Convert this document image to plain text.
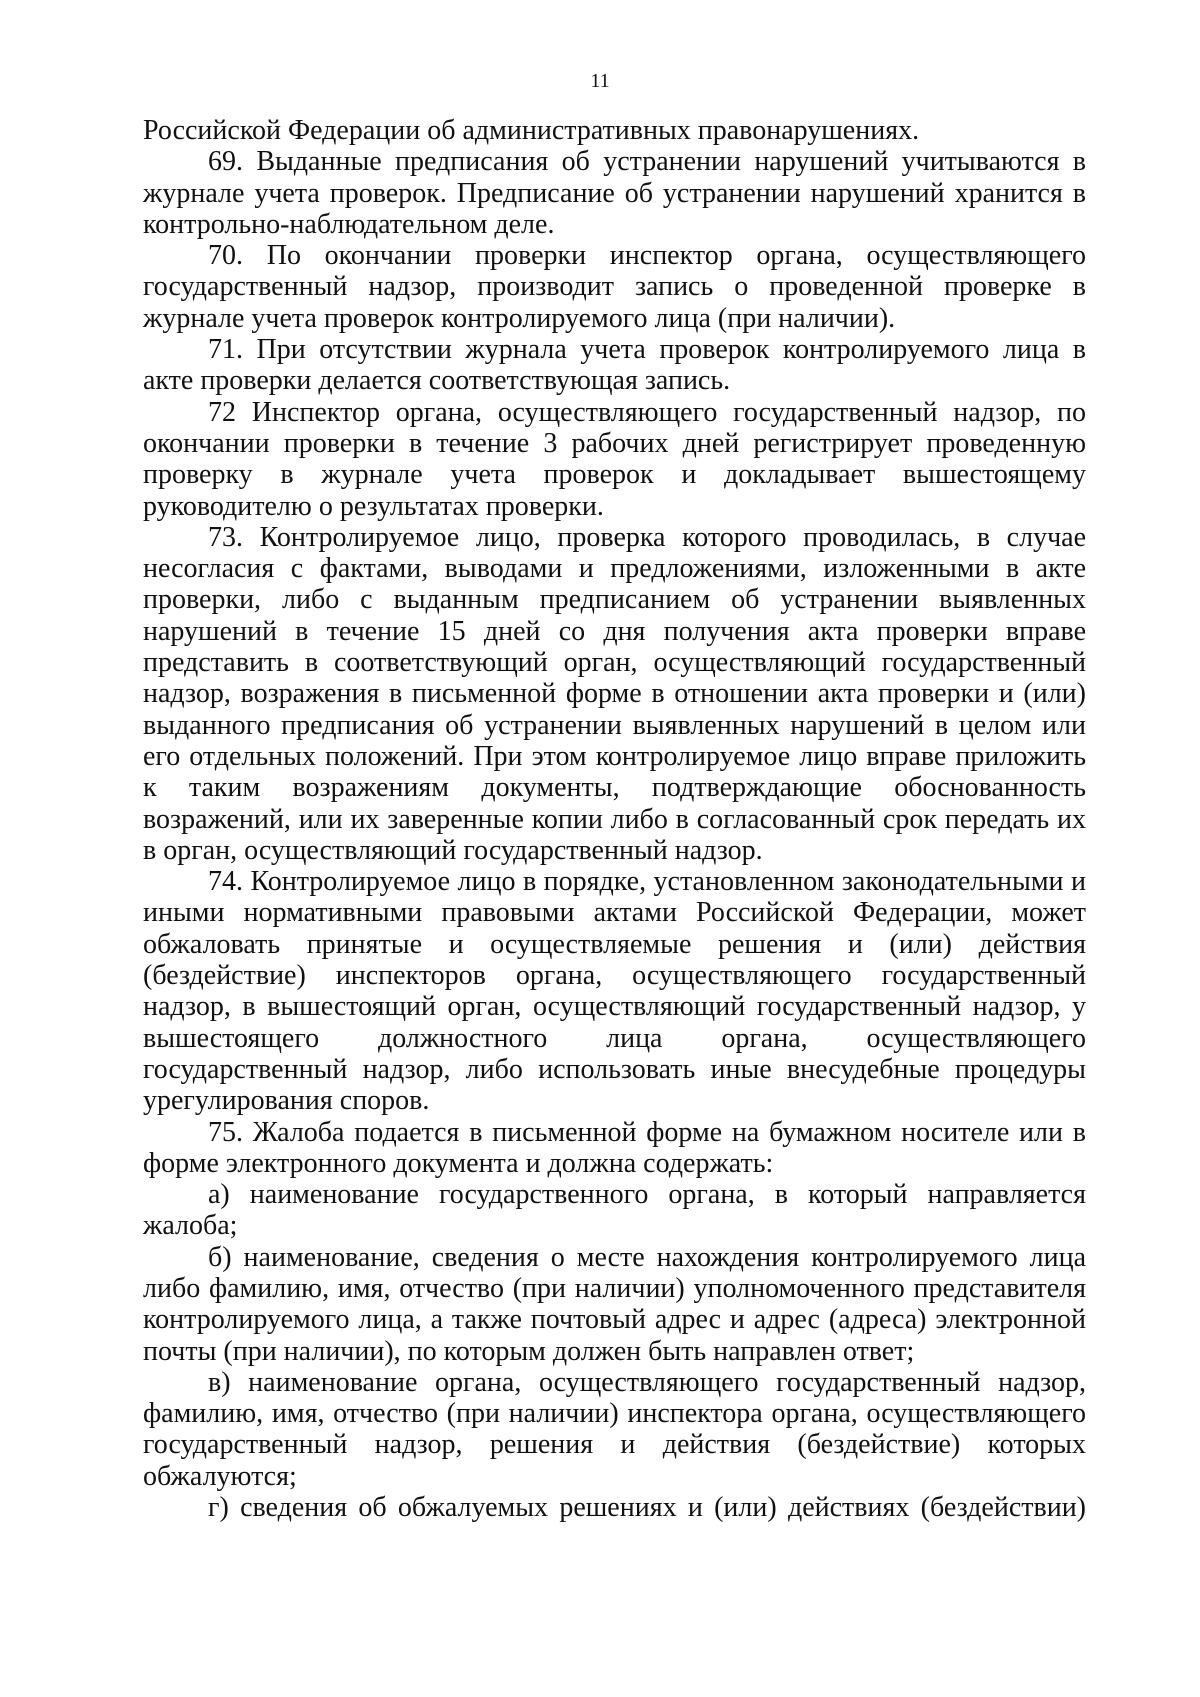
11

Российской Федерации об административных правонарушениях.

69. Выданные предписания об устранении нарушений учитываются в журнале учета проверок. Предписание об устранении нарушений хранится в контрольно-наблюдательном деле.

70. По окончании проверки инспектор органа, осуществляющего государственный надзор, производит запись о проведенной проверке в журнале учета проверок контролируемого лица (при наличии).

71. При отсутствии журнала учета проверок контролируемого лица в акте проверки делается соответствующая запись.

72 Инспектор органа, осуществляющего государственный надзор, по окончании проверки в течение 3 рабочих дней регистрирует проведенную проверку в журнале учета проверок и докладывает вышестоящему руководителю о результатах проверки.

73. Контролируемое лицо, проверка которого проводилась, в случае несогласия с фактами, выводами и предложениями, изложенными в акте проверки, либо с выданным предписанием об устранении выявленных нарушений в течение 15 дней со дня получения акта проверки вправе представить в соответствующий орган, осуществляющий государственный надзор, возражения в письменной форме в отношении акта проверки и (или) выданного предписания об устранении выявленных нарушений в целом или его отдельных положений. При этом контролируемое лицо вправе приложить к таким возражениям документы, подтверждающие обоснованность возражений, или их заверенные копии либо в согласованный срок передать их в орган, осуществляющий государственный надзор.

74. Контролируемое лицо в порядке, установленном законодательными и иными нормативными правовыми актами Российской Федерации, может обжаловать принятые и осуществляемые решения и (или) действия (бездействие) инспекторов органа, осуществляющего государственный надзор, в вышестоящий орган, осуществляющий государственный надзор, у вышестоящего должностного лица органа, осуществляющего государственный надзор, либо использовать иные внесудебные процедуры урегулирования споров.

75. Жалоба подается в письменной форме на бумажном носителе или в форме электронного документа и должна содержать:

а) наименование государственного органа, в который направляется жалоба;

б) наименование, сведения о месте нахождения контролируемого лица либо фамилию, имя, отчество (при наличии) уполномоченного представителя контролируемого лица, а также почтовый адрес и адрес (адреса) электронной почты (при наличии), по которым должен быть направлен ответ;

в) наименование органа, осуществляющего государственный надзор, фамилию, имя, отчество (при наличии) инспектора органа, осуществляющего государственный надзор, решения и действия (бездействие) которых обжалуются;

г) сведения об обжалуемых решениях и (или) действиях (бездействии)
